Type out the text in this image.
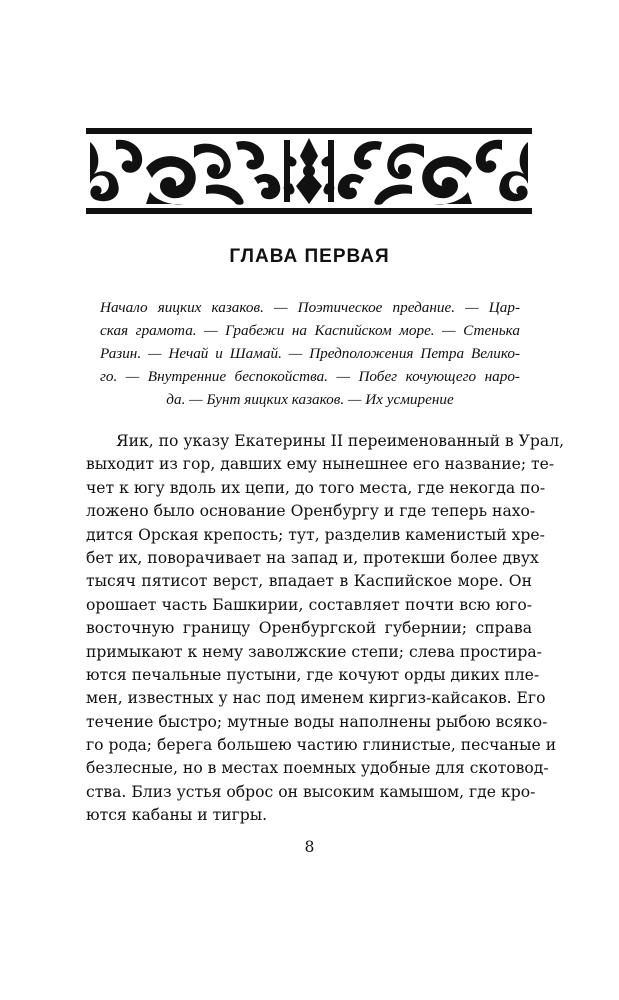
ГЛАВА ПЕРВАЯ
Начало яицких казаков. — Поэтическое предание. — Цар-
ская грамота. — Грабежи на Каспийском море. — Стенька
Разин. — Нечай и Шамай. — Предположения Петра Велико-
го. — Внутренние беспокойства. — Побег кочующего наро-
да. — Бунт яицких казаков. — Их усмирение
Яик, по указу Екатерины II переименованный в Урал,
выходит из гор, давших ему нынешнее его название; те-
чет к югу вдоль их цепи, до того места, где некогда по-
ложено было основание Оренбургу и где теперь нахо-
дится Орская крепость; тут, разделив каменистый хре-
бет их, поворачивает на запад и, протекши более двух
тысяч пятисот верст, впадает в Каспийское море. Он
орошает часть Башкирии, составляет почти всю юго-
восточную границу Оренбургской губернии; справа
примыкают к нему заволжские степи; слева простира-
ются печальные пустыни, где кочуют орды диких пле-
мен, известных у нас под именем киргиз-кайсаков. Его
течение быстро; мутные воды наполнены рыбою всяко-
го рода; берега большею частию глинистые, песчаные и
безлесные, но в местах поемных удобные для скотовод-
ства. Близ устья оброс он высоким камышом, где кро-
ются кабаны и тигры.
8
